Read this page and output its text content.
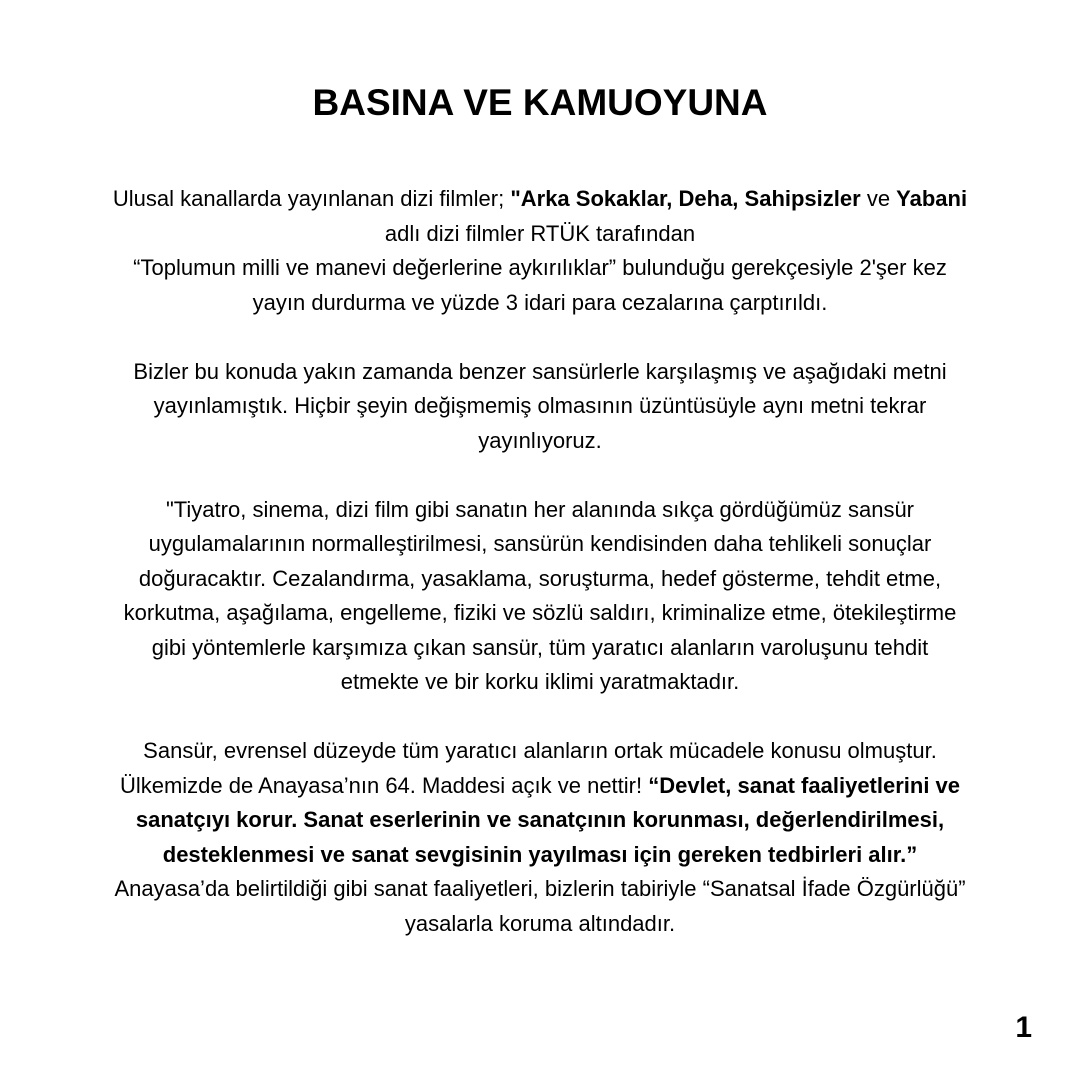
BASINA VE KAMUOYUNA

Ulusal kanallarda yayınlanan dizi filmler; "Arka Sokaklar, Deha, Sahipsizler ve Yabani
adlı dizi filmler RTÜK tarafından
“Toplumun milli ve manevi değerlerine aykırılıklar” bulunduğu gerekçesiyle 2'şer kez
yayın durdurma ve yüzde 3 idari para cezalarına çarptırıldı.

Bizler bu konuda yakın zamanda benzer sansürlerle karşılaşmış ve aşağıdaki metni
yayınlamıştık. Hiçbir şeyin değişmemiş olmasının üzüntüsüyle aynı metni tekrar
yayınlıyoruz.

"Tiyatro, sinema, dizi film gibi sanatın her alanında sıkça gördüğümüz sansür
uygulamalarının normalleştirilmesi, sansürün kendisinden daha tehlikeli sonuçlar
doğuracaktır. Cezalandırma, yasaklama, soruşturma, hedef gösterme, tehdit etme,
korkutma, aşağılama, engelleme, fiziki ve sözlü saldırı, kriminalize etme, ötekileştirme
gibi yöntemlerle karşımıza çıkan sansür, tüm yaratıcı alanların varoluşunu tehdit
etmekte ve bir korku iklimi yaratmaktadır.

Sansür, evrensel düzeyde tüm yaratıcı alanların ortak mücadele konusu olmuştur.
Ülkemizde de Anayasa’nın 64. Maddesi açık ve nettir! “Devlet, sanat faaliyetlerini ve
sanatçıyı korur. Sanat eserlerinin ve sanatçının korunması, değerlendirilmesi,
desteklenmesi ve sanat sevgisinin yayılması için gereken tedbirleri alır.”
Anayasa’da belirtildiği gibi sanat faaliyetleri, bizlerin tabiriyle “Sanatsal İfade Özgürlüğü”
yasalarla koruma altındadır.

1
